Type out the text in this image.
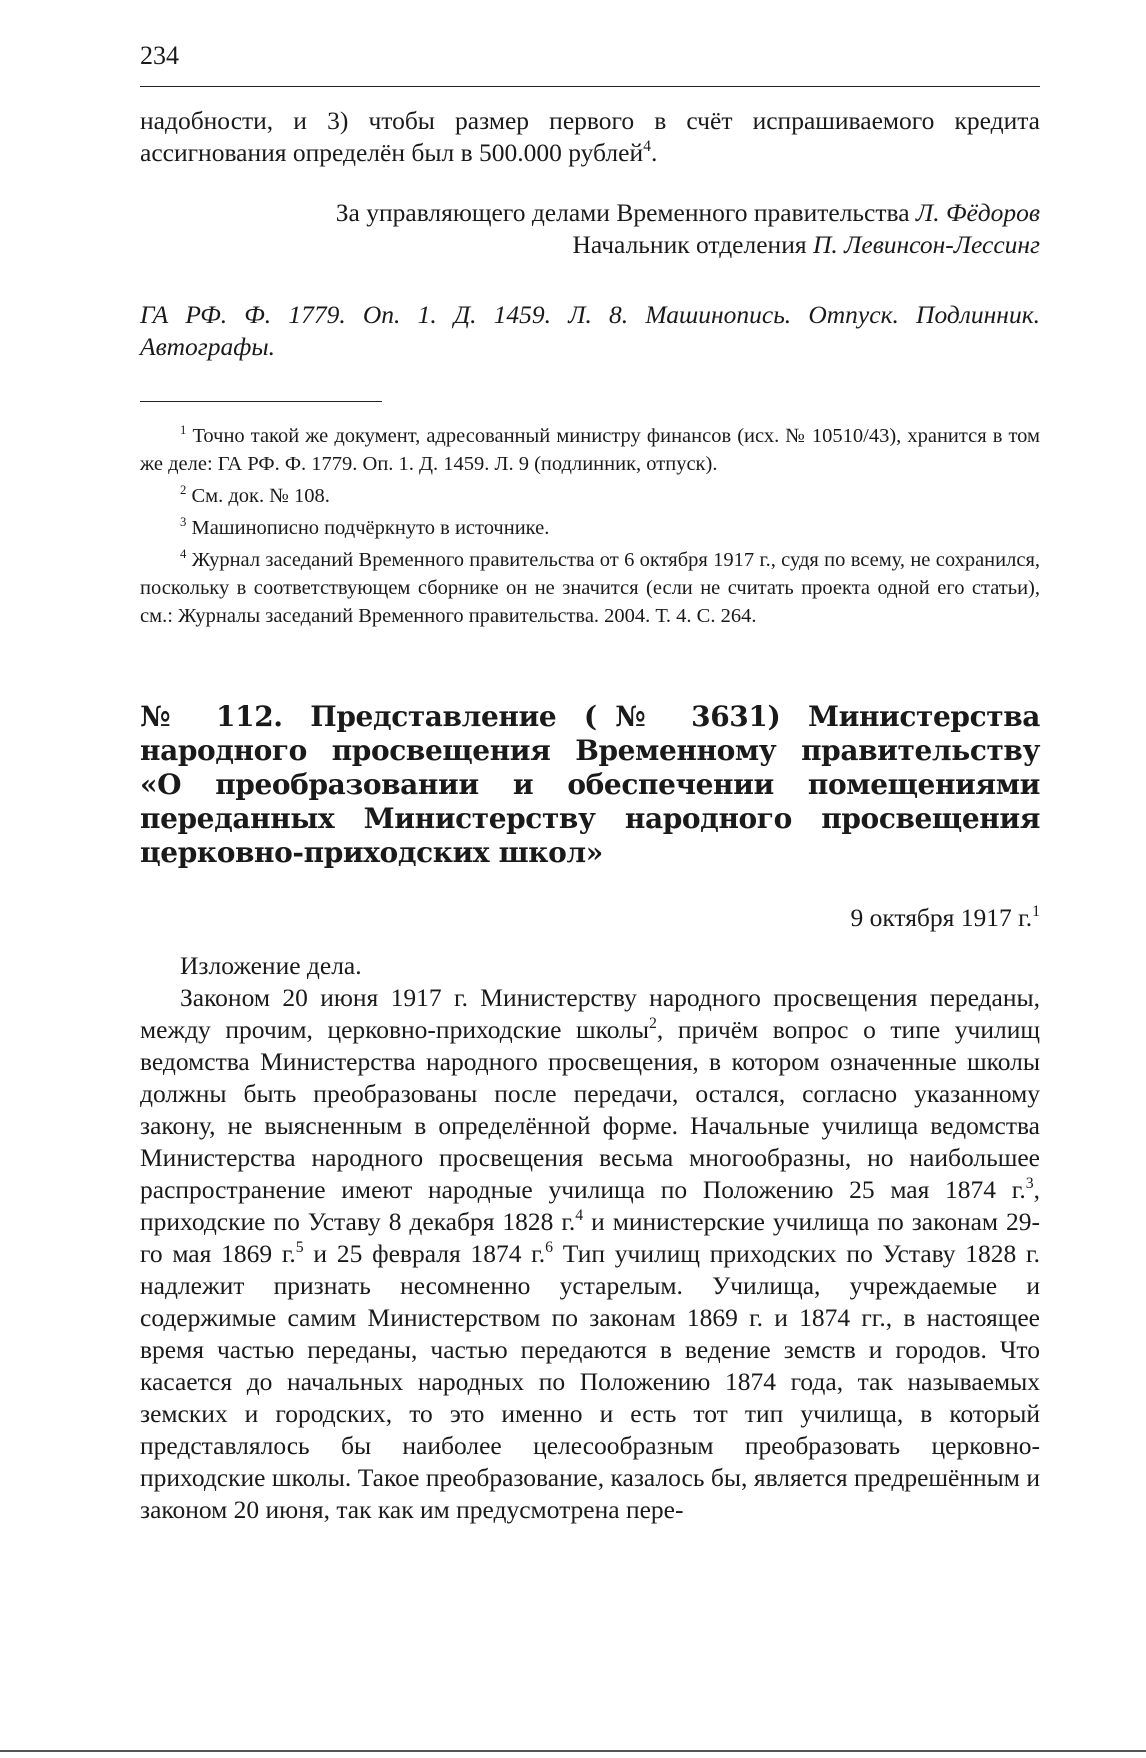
234
надобности, и 3) чтобы размер первого в счёт испрашиваемого кредита ассигнования определён был в 500.000 рублей$^4$.
За управляющего делами Временного правительства Л. Фёдоров
Начальник отделения П. Левинсон-Лессинг
ГА РФ. Ф. 1779. Оп. 1. Д. 1459. Л. 8. Машинопись. Отпуск. Подлинник. Автографы.
$^1$ Точно такой же документ, адресованный министру финансов (исх. № 10510/43), хранится в том же деле: ГА РФ. Ф. 1779. Оп. 1. Д. 1459. Л. 9 (подлинник, отпуск).
$^2$ См. док. № 108.
$^3$ Машинописно подчёркнуто в источнике.
$^4$ Журнал заседаний Временного правительства от 6 октября 1917 г., судя по всему, не сохранился, поскольку в соответствующем сборнике он не значится (если не считать проекта одной его статьи), см.: Журналы заседаний Временного правительства. 2004. Т. 4. С. 264.
№ 112. Представление (№ 3631) Министерства народного просвещения Временному правительству «О преобразовании и обеспечении помещениями переданных Министерству народного просвещения церковно-приходских школ»
9 октября 1917 г.$^1$
Изложение дела.
Законом 20 июня 1917 г. Министерству народного просвещения переданы, между прочим, церковно-приходские школы$^2$, причём вопрос о типе училищ ведомства Министерства народного просвещения, в котором означенные школы должны быть преобразованы после передачи, остался, согласно указанному закону, не выясненным в определённой форме. Начальные училища ведомства Министерства народного просвещения весьма многообразны, но наибольшее распространение имеют народные училища по Положению 25 мая 1874 г.$^3$, приходские по Уставу 8 декабря 1828 г.$^4$ и министерские училища по законам 29-го мая 1869 г.$^5$ и 25 февраля 1874 г.$^6$ Тип училищ приходских по Уставу 1828 г. надлежит признать несомненно устарелым. Училища, учреждаемые и содержимые самим Министерством по законам 1869 г. и 1874 гг., в настоящее время частью переданы, частью передаются в ведение земств и городов. Что касается до начальных народных по Положению 1874 года, так называемых земских и городских, то это именно и есть тот тип училища, в который представлялось бы наиболее целесообразным преобразовать церковно-приходские школы. Такое преобразование, казалось бы, является предрешённым и законом 20 июня, так как им предусмотрена пере-
